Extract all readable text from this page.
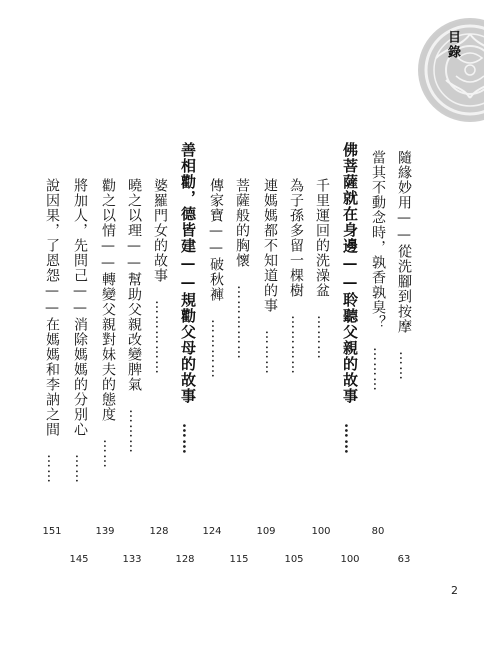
目錄
隨緣妙用——從洗腳到按摩 ……
63
當其不動念時，孰香孰臭？ ………
80
佛菩薩就在身邊——聆聽父親的故事 ……
100
千里運回的洗澡盆 ………
100
為子孫多留一棵樹 …………
105
連媽媽都不知道的事 ………
109
菩薩般的胸懷 ……………
115
傳家寶——破秋褲 …………
124
善相勸，德皆建——規勸父母的故事 ……
128
婆羅門女的故事 ……………
128
曉之以理——幫助父親改變脾氣 ………
133
勸之以情——轉變父親對妹夫的態度 ……
139
將加人，先問己——消除媽媽的分別心 ……
145
說因果，了恩怨——在媽媽和李訥之間 ……
151
2
